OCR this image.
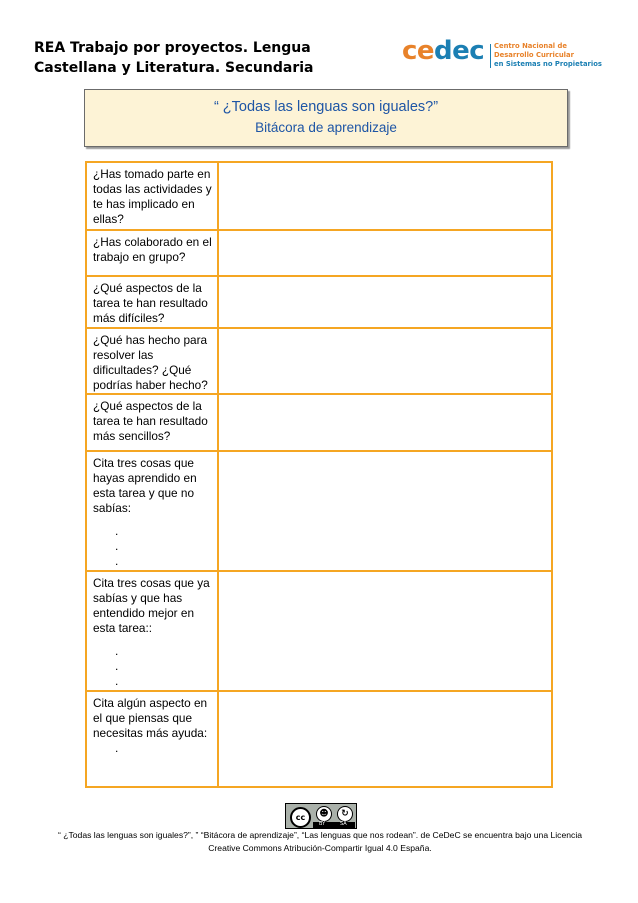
REA Trabajo por proyectos. Lengua
Castellana y Literatura. Secundaria
cedec Centro Nacional de
Desarrollo Curricular
en Sistemas no Propietarios
“ ¿Todas las lenguas son iguales?”
Bitácora de aprendizaje
¿Has tomado parte en todas las actividades y te has implicado en ellas?	

¿Has colaborado en el trabajo en grupo?	

¿Qué aspectos de la tarea te han resultado más difíciles?	

¿Qué has hecho para resolver las dificultades? ¿Qué podrías haber hecho?	

¿Qué aspectos de la tarea te han resultado más sencillos?	

Cita tres cosas que hayas aprendido en esta tarea y que no sabías:
.
.
.	

Cita tres cosas que ya sabías y que has entendido mejor en esta tarea::
.
.
.	

Cita algún aspecto en el que piensas que necesitas más ayuda:
.	

cc	☻	↻
BY	SA
“ ¿Todas las lenguas son iguales?”, ” “Bitácora de aprendizaje”, “Las lenguas que nos rodean”. de CeDeC se encuentra bajo una Licencia
Creative Commons Atribución-Compartir Igual 4.0 España.
